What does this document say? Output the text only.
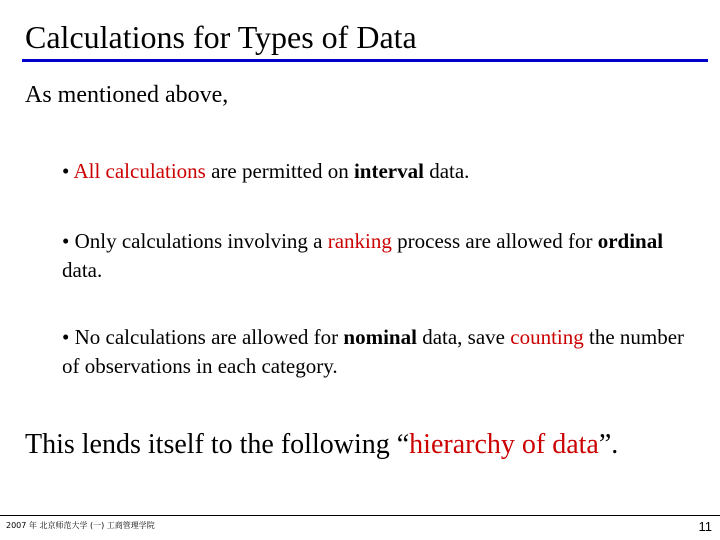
Calculations for Types of Data
As mentioned above,
• All calculations are permitted on interval data.
• Only calculations involving a ranking process are allowed for ordinal data.
• No calculations are allowed for nominal data, save counting the number of observations in each category.
This lends itself to the following “hierarchy of data”.
2007 年 北京师范大学 (一) 工商管理学院	11
